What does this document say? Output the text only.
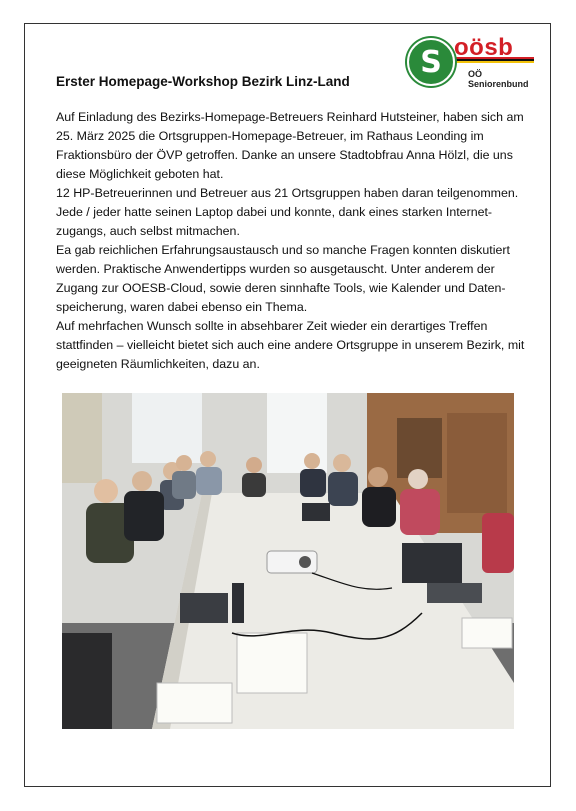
S oösb
OÖ Seniorenbund
Erster Homepage-Workshop Bezirk Linz-Land

Auf Einladung des Bezirks-Homepage-Betreuers Reinhard Hutsteiner, haben sich am 25. März 2025 die Ortsgruppen-Homepage-Betreuer, im Rathaus Leonding im Fraktionsbüro der ÖVP getroffen. Danke an unsere Stadtobfrau Anna Hölzl, die uns diese Möglichkeit geboten hat.

12 HP-Betreuerinnen und Betreuer aus 21 Ortsgruppen haben daran teilgenommen. Jede / jeder hatte seinen Laptop dabei und konnte, dank eines starken Internet-zugangs, auch selbst mitmachen.

Ea gab reichlichen Erfahrungsaustausch und so manche Fragen konnten diskutiert werden. Praktische Anwendertipps wurden so ausgetauscht. Unter anderem der Zugang zur OOESB-Cloud, sowie deren sinnhafte Tools, wie Kalender und Daten-speicherung, waren dabei ebenso ein Thema.

Auf mehrfachen Wunsch sollte in absehbarer Zeit wieder ein derartiges Treffen stattfinden – vielleicht bietet sich auch eine andere Ortsgruppe in unserem Bezirk, mit geeigneten Räumlichkeiten, dazu an.
